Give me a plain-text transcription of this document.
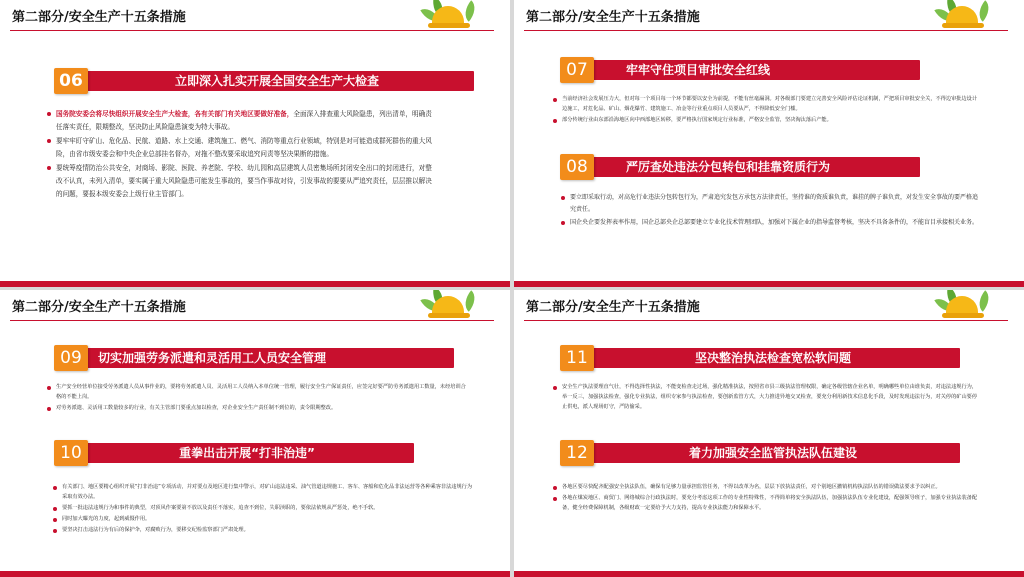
第二部分/安全生产十五条措施
06	立即深入扎实开展全国安全生产大检查
国务院安委会将尽快组织开展安全生产大检查，各有关部门有关地区要做好准备，全面深入排查重大风险隐患，列出清单，明确责任落实责任，限期整改，坚决防止风险隐患演变为特大事故。
要牢牢盯守矿山、危化品、民航、道路、水上交通、建筑施工、燃气、消防等重点行业领域，特别是对可能造成群死群伤的重大风险，由省市级安委会和中央企业总部挂名督办，对拖不整改要采取追究问责等坚决果断的措施。
要统筹疫情防治公共安全，对商场、影院、医院、养老院、学校、幼儿园和高层建筑人员密集场所封闭安全出口的封闭进行，对整改不认真，未列入清单，要实属于重大风险隐患可能发生事故的，要当作事故对待，引发事故的要要从严追究责任，层层推以解决的问题，要报本级安委会上级行业主管部门。
第二部分/安全生产十五条措施
07	牢牢守住项目审批安全红线
当前经济社会发展压力大，但对每一个项目每一个环节都要以安全为前提，不能有丝毫漏洞。对各级部门要建立完善安全风险评估论证机制，严把项目审批安全关，不得边审批边设计边施工，对危化品、矿山、烟花爆竹、建筑施工、冶金等行业重点项目人员要从严，不得降低安全门槛。
部分传统行业由东部沿海地区向中西部地区转移，要严格执行国家规定行业标准，严格安全监管，坚决淘汰落后产能。
08	严厉查处违法分包转包和挂靠资质行为
要立即采取行动，对高危行业违法分包转包行为，严肃追究发包方承包方法律责任，坚持谁的资质谁负责，谁挂的牌子谁负责，对发生安全事故的要严格追究责任。
国企央企要发挥表率作用，国企总部央企总部要建立专业化技术管理团队，加强对下属企业的指导监督考核，坚决不具备条件的，不能盲目承接相关业务。
第二部分/安全生产十五条措施
09	切实加强劳务派遣和灵活用工人员安全管理
生产安全经营单位接受劳务派遣人员从事作业的，要将劳务派遣人员、灵活用工人员纳入本单位统一管理，履行安全生产保证责任，应签完好要严防劳务派遣用工数量，未经培训合格的不能上岗。
对劳务派遣、灵活用工数量较多的行业，有关主管部门要重点加以检查，对企业安全生产责任制不到位的，责令限期整改。
10	重拳出击开展“打非治违”
有关部门、地区要精心组织开展“打非治违”专项活动，并对要点及地区进行集中警示，对矿山违法违采、油气管道违规施工、客车、客船和危化品非法运营等各种乘客非法违规行为采取有效办法。
要抓一批违法违规行为和事件的典型，对顶风作案要第不放以及责任不落实，追查不到位，失职渎职的，要依法依规从严惩处，绝不手软。
同时加大曝光的力度，起到威慑作用。
要坚决打击违法行为有后的保护伞，对腐败行为，要移交纪检监察部门严肃处理。
第二部分/安全生产十五条措施
11	坚决整治执法检查宽松软问题
安全生产执法要理直气壮，不得选择性执法，不能变检查走过场，强化精准执法，按照省市县三级执法管理权限，确定各级管辖企业名单，明确哪些单位由谁负责，对违法违规行为，举一反三，加强执法检查，强化专业执法，组织专家参与执法检查，要创新监管方式，大力推进异地交叉检查，要充分利用新技术信息化手段，及时发现违法行为，对关停的矿山要停止供电，派人现场盯守，严防偷采。
12	着力加强安全监管执法队伍建设
各地区要尽快配齐配强安全执法队伍，确保有足够力量承担监管任务，不得以改革为名，层层下放执法责任，对个别地区撤销机构执法队伍的错误做法要求予以纠正。
各地在煤炭地区、商贸门、网络城综合行政执法时，要充分考虑这项工作的专业性特殊性，不得简单将安全执法队伍，加强执法队伍专业化建设，配强领导班子，加强专业执法装备配备，健全经费保障机制，各级财政一定要给予大力支持，提高专业执法能力和保障水平。
